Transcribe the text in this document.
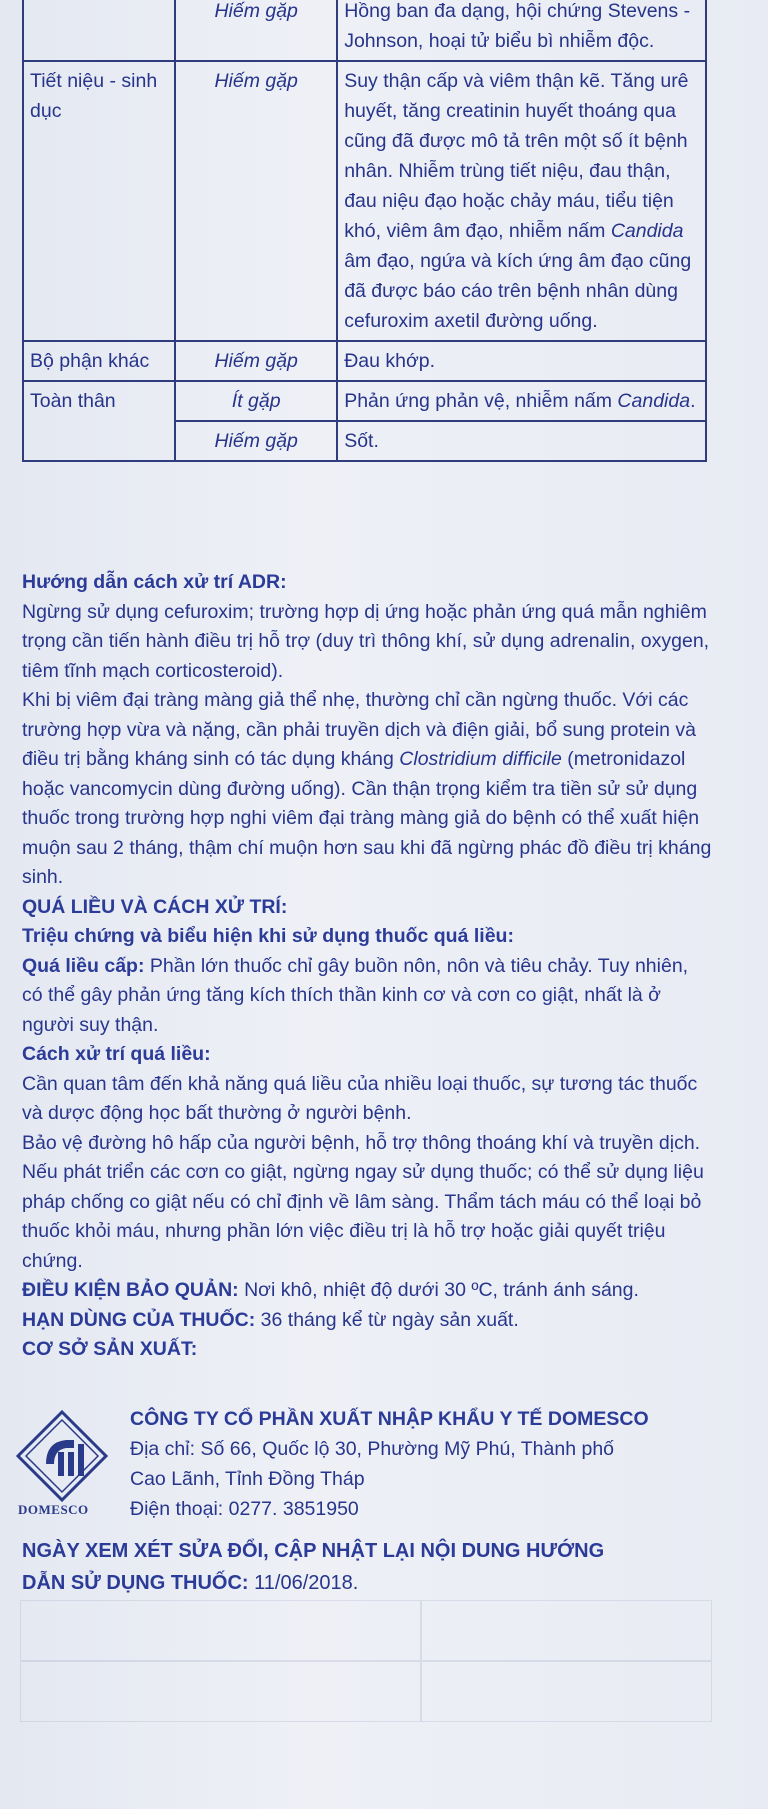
	Hiếm gặp	Hồng ban đa dạng, hội chứng Stevens - Johnson, hoại tử biểu bì nhiễm độc.
Tiết niệu - sinh dục	Hiếm gặp	Suy thận cấp và viêm thận kẽ. Tăng urê huyết, tăng creatinin huyết thoáng qua cũng đã được mô tả trên một số ít bệnh nhân. Nhiễm trùng tiết niệu, đau thận, đau niệu đạo hoặc chảy máu, tiểu tiện khó, viêm âm đạo, nhiễm nấm Candida âm đạo, ngứa và kích ứng âm đạo cũng đã được báo cáo trên bệnh nhân dùng cefuroxim axetil đường uống.
Bộ phận khác	Hiếm gặp	Đau khớp.
Toàn thân	Ít gặp	Phản ứng phản vệ, nhiễm nấm Candida.
	Hiếm gặp	Sốt.

Hướng dẫn cách xử trí ADR:

Ngừng sử dụng cefuroxim; trường hợp dị ứng hoặc phản ứng quá mẫn nghiêm trọng cần tiến hành điều trị hỗ trợ (duy trì thông khí, sử dụng adrenalin, oxygen, tiêm tĩnh mạch corticosteroid).

Khi bị viêm đại tràng màng giả thể nhẹ, thường chỉ cần ngừng thuốc. Với các trường hợp vừa và nặng, cần phải truyền dịch và điện giải, bổ sung protein và điều trị bằng kháng sinh có tác dụng kháng Clostridium difficile (metronidazol hoặc vancomycin dùng đường uống). Cần thận trọng kiểm tra tiền sử sử dụng thuốc trong trường hợp nghi viêm đại tràng màng giả do bệnh có thể xuất hiện muộn sau 2 tháng, thậm chí muộn hơn sau khi đã ngừng phác đồ điều trị kháng sinh.

QUÁ LIỀU VÀ CÁCH XỬ TRÍ:

Triệu chứng và biểu hiện khi sử dụng thuốc quá liều:

Quá liều cấp: Phần lớn thuốc chỉ gây buồn nôn, nôn và tiêu chảy. Tuy nhiên, có thể gây phản ứng tăng kích thích thần kinh cơ và cơn co giật, nhất là ở người suy thận.

Cách xử trí quá liều:

Cần quan tâm đến khả năng quá liều của nhiều loại thuốc, sự tương tác thuốc và dược động học bất thường ở người bệnh.

Bảo vệ đường hô hấp của người bệnh, hỗ trợ thông thoáng khí và truyền dịch. Nếu phát triển các cơn co giật, ngừng ngay sử dụng thuốc; có thể sử dụng liệu pháp chống co giật nếu có chỉ định về lâm sàng. Thẩm tách máu có thể loại bỏ thuốc khỏi máu, nhưng phần lớn việc điều trị là hỗ trợ hoặc giải quyết triệu chứng.

ĐIỀU KIỆN BẢO QUẢN: Nơi khô, nhiệt độ dưới 30 ºC, tránh ánh sáng.

HẠN DÙNG CỦA THUỐC: 36 tháng kể từ ngày sản xuất.

CƠ SỞ SẢN XUẤT:

DOMESCO
CÔNG TY CỔ PHẦN XUẤT NHẬP KHẨU Y TẾ DOMESCO
Địa chỉ: Số 66, Quốc lộ 30, Phường Mỹ Phú, Thành phố
Cao Lãnh, Tỉnh Đồng Tháp
Điện thoại: 0277. 3851950
NGÀY XEM XÉT SỬA ĐỔI, CẬP NHẬT LẠI NỘI DUNG HƯỚNG
DẪN SỬ DỤNG THUỐC: 11/06/2018.
